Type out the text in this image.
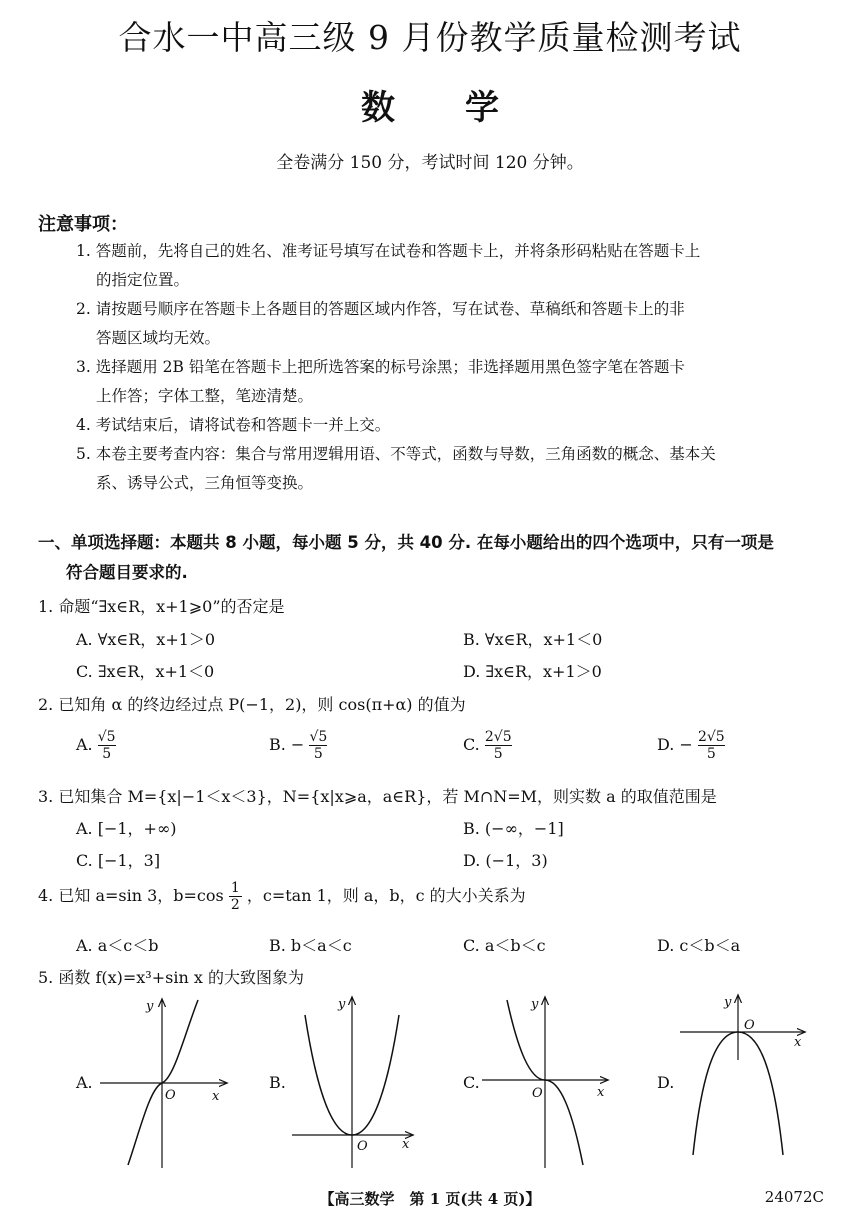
合水一中高三级 9 月份教学质量检测考试
数学
全卷满分 150 分，考试时间 120 分钟。
注意事项：
1. 答题前，先将自己的姓名、准考证号填写在试卷和答题卡上，并将条形码粘贴在答题卡上
的指定位置。
2. 请按题号顺序在答题卡上各题目的答题区域内作答，写在试卷、草稿纸和答题卡上的非
答题区域均无效。
3. 选择题用 2B 铅笔在答题卡上把所选答案的标号涂黑；非选择题用黑色签字笔在答题卡
上作答；字体工整，笔迹清楚。
4. 考试结束后，请将试卷和答题卡一并上交。
5. 本卷主要考查内容：集合与常用逻辑用语、不等式，函数与导数，三角函数的概念、基本关
系、诱导公式，三角恒等变换。
一、单项选择题：本题共 8 小题，每小题 5 分，共 40 分. 在每小题给出的四个选项中，只有一项是
符合题目要求的.
1. 命题“∃x∈R，x+1⩾0”的否定是
A. ∀x∈R，x+1＞0	B. ∀x∈R，x+1＜0
C. ∃x∈R，x+1＜0	D. ∃x∈R，x+1＞0
2. 已知角 α 的终边经过点 P(−1，2)，则 cos(π+α) 的值为
A. $\frac{√5}{5}$	B. − $\frac{√5}{5}$	C. $\frac{2√5}{5}$	D. − $\frac{2√5}{5}$
3. 已知集合 M={x|−1＜x＜3}，N={x|x⩾a，a∈R}，若 M∩N=M，则实数 a 的取值范围是
A. [−1，+∞)	B. (−∞，−1]
C. [−1，3]	D. (−1，3)
4. 已知 a=sin 3，$b=\cos \frac{1}{2}$ ，c=tan 1，则 a，b，c 的大小关系为
A. a＜c＜b	B. b＜a＜c	C. a＜b＜c	D. c＜b＜a
5. 函数 f(x)=x³+sin x 的大致图象为
A.	B.	C.	D.
y
x
O
y
x
O
y
x
O
y
x
O
【高三数学　第 1 页(共 4 页)】	24072C
